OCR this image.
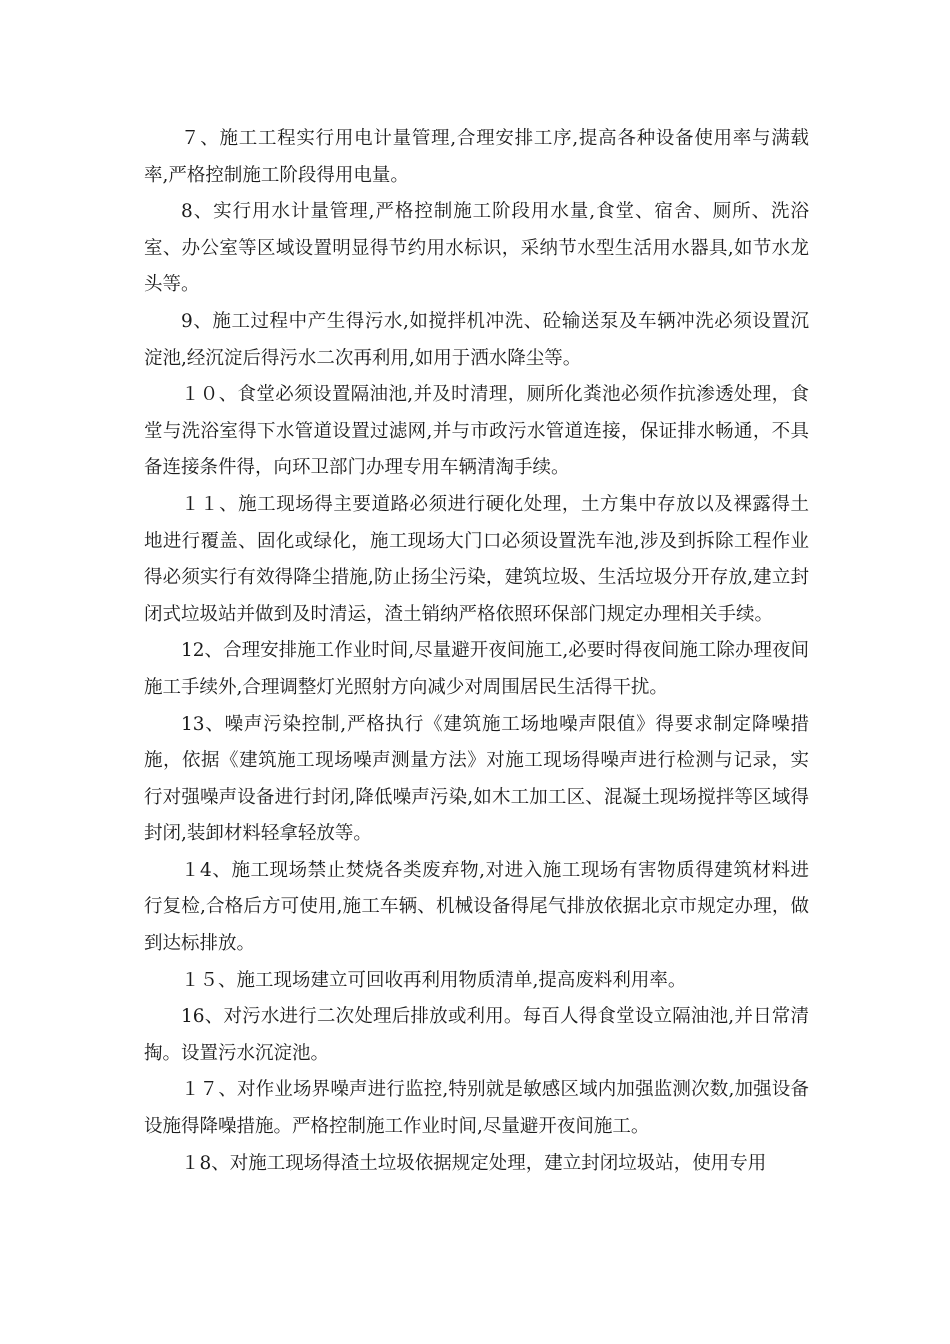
７、施工工程实行用电计量管理,合理安排工序,提高各种设备使用率与满载率,严格控制施工阶段得用电量。

8、实行用水计量管理,严格控制施工阶段用水量,食堂、宿舍、厕所、洗浴室、办公室等区域设置明显得节约用水标识，采纳节水型生活用水器具,如节水龙头等。

9、施工过程中产生得污水,如搅拌机冲洗、砼输送泵及车辆冲洗必须设置沉淀池,经沉淀后得污水二次再利用,如用于洒水降尘等。

１０、食堂必须设置隔油池,并及时清理，厕所化粪池必须作抗渗透处理，食堂与洗浴室得下水管道设置过滤网,并与市政污水管道连接，保证排水畅通，不具备连接条件得，向环卫部门办理专用车辆清淘手续。

１１、施工现场得主要道路必须进行硬化处理，土方集中存放以及裸露得土地进行覆盖、固化或绿化，施工现场大门口必须设置洗车池,涉及到拆除工程作业得必须实行有效得降尘措施,防止扬尘污染，建筑垃圾、生活垃圾分开存放,建立封闭式垃圾站并做到及时清运，渣土销纳严格依照环保部门规定办理相关手续。

12、合理安排施工作业时间,尽量避开夜间施工,必要时得夜间施工除办理夜间施工手续外,合理调整灯光照射方向减少对周围居民生活得干扰。

13、噪声污染控制,严格执行《建筑施工场地噪声限值》得要求制定降噪措施，依据《建筑施工现场噪声测量方法》对施工现场得噪声进行检测与记录，实行对强噪声设备进行封闭,降低噪声污染,如木工加工区、混凝土现场搅拌等区域得封闭,装卸材料轻拿轻放等。

１4、施工现场禁止焚烧各类废弃物,对进入施工现场有害物质得建筑材料进行复检,合格后方可使用,施工车辆、机械设备得尾气排放依据北京市规定办理，做到达标排放。

１５、施工现场建立可回收再利用物质清单,提高废料利用率。

16、对污水进行二次处理后排放或利用。每百人得食堂设立隔油池,并日常清掏。设置污水沉淀池。

１７、对作业场界噪声进行监控,特别就是敏感区域内加强监测次数,加强设备设施得降噪措施。严格控制施工作业时间,尽量避开夜间施工。

１8、对施工现场得渣土垃圾依据规定处理，建立封闭垃圾站，使用专用
